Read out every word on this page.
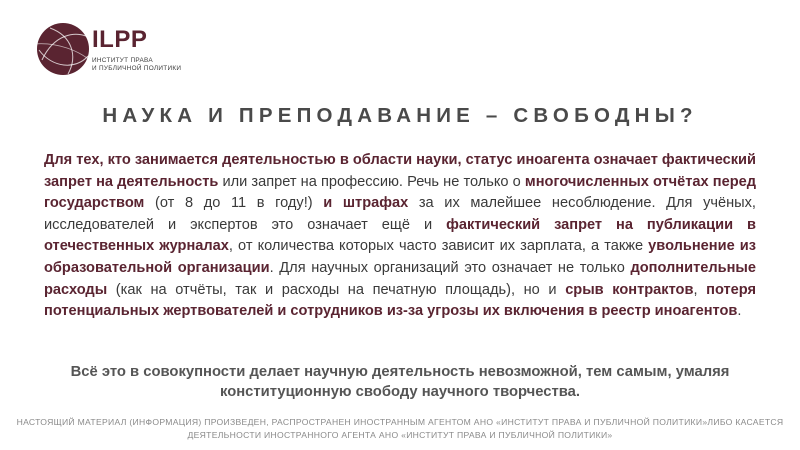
ILPP
ИНСТИТУТ ПРАВА
И ПУБЛИЧНОЙ ПОЛИТИКИ
НАУКА И ПРЕПОДАВАНИЕ – СВОБОДНЫ?

Для тех, кто занимается деятельностью в области науки, статус иноагента означает фактический запрет на деятельность или запрет на профессию. Речь не только о многочисленных отчётах перед государством (от 8 до 11 в году!) и штрафах за их малейшее несоблюдение. Для учёных, исследователей и экспертов это означает ещё и фактический запрет на публикации в отечественных журналах, от количества которых часто зависит их зарплата, а также увольнение из образовательной организации. Для научных организаций это означает не только дополнительные расходы (как на отчёты, так и расходы на печатную площадь), но и срыв контрактов, потеря потенциальных жертвователей и сотрудников из-за угрозы их включения в реестр иноагентов.

Всё это в совокупности делает научную деятельность невозможной, тем самым, умаляя конституционную свободу научного творчества.

НАСТОЯЩИЙ МАТЕРИАЛ (ИНФОРМАЦИЯ) ПРОИЗВЕДЕН, РАСПРОСТРАНЕН ИНОСТРАННЫМ АГЕНТОМ АНО «ИНСТИТУТ ПРАВА И ПУБЛИЧНОЙ ПОЛИТИКИ»ЛИБО КАСАЕТСЯ ДЕЯТЕЛЬНОСТИ ИНОСТРАННОГО АГЕНТА АНО «ИНСТИТУТ ПРАВА И ПУБЛИЧНОЙ ПОЛИТИКИ»
